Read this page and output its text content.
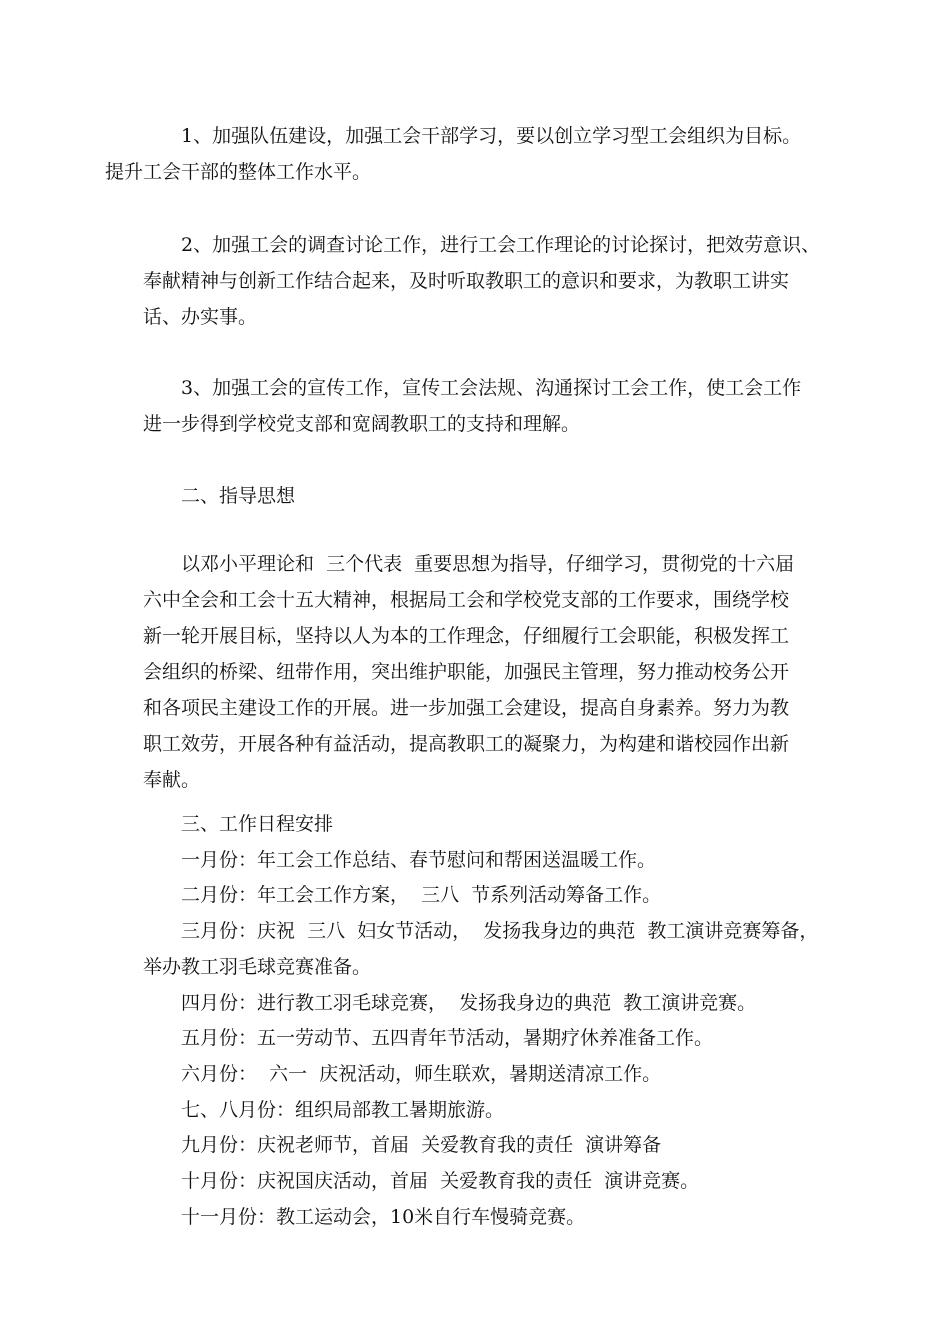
1、加强队伍建设，加强工会干部学习，要以创立学习型工会组织为目标。
提升工会干部的整体工作水平。

2、加强工会的调查讨论工作，进行工会工作理论的讨论探讨，把效劳意识、
奉献精神与创新工作结合起来，及时听取教职工的意识和要求，为教职工讲实
话、办实事。

3、加强工会的宣传工作，宣传工会法规、沟通探讨工会工作，使工会工作
进一步得到学校党支部和宽阔教职工的支持和理解。

二、指导思想

以邓小平理论和  三个代表  重要思想为指导，仔细学习，贯彻党的十六届
六中全会和工会十五大精神，根据局工会和学校党支部的工作要求，围绕学校
新一轮开展目标，坚持以人为本的工作理念，仔细履行工会职能，积极发挥工
会组织的桥梁、纽带作用，突出维护职能，加强民主管理，努力推动校务公开
和各项民主建设工作的开展。进一步加强工会建设，提高自身素养。努力为教
职工效劳，开展各种有益活动，提高教职工的凝聚力，为构建和谐校园作出新
奉献。

三、工作日程安排
一月份：年工会工作总结、春节慰问和帮困送温暖工作。
二月份：年工会工作方案，  三八  节系列活动筹备工作。
三月份：庆祝  三八  妇女节活动，  发扬我身边的典范  教工演讲竞赛筹备，
举办教工羽毛球竞赛准备。
四月份：进行教工羽毛球竞赛，  发扬我身边的典范  教工演讲竞赛。
五月份：五一劳动节、五四青年节活动，暑期疗休养准备工作。
六月份：  六一  庆祝活动，师生联欢，暑期送清凉工作。
七、八月份：组织局部教工暑期旅游。
九月份：庆祝老师节，首届  关爱教育我的责任  演讲筹备
十月份：庆祝国庆活动，首届  关爱教育我的责任  演讲竞赛。
十一月份：教工运动会，10米自行车慢骑竞赛。
